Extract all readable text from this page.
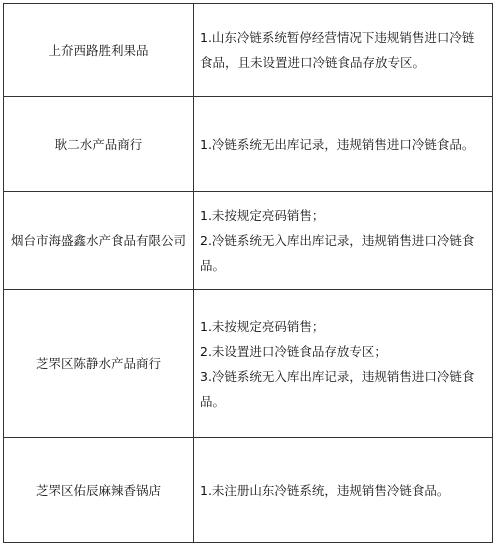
上夼西路胜利果品	1.山东冷链系统暂停经营情况下违规销售进口冷链食品，且未设置进口冷链食品存放专区。

耿二水产品商行	1.冷链系统无出库记录，违规销售进口冷链食品。

烟台市海盛鑫水产食品有限公司	1.未按规定亮码销售；
2.冷链系统无入库出库记录，违规销售进口冷链食品。

芝罘区陈静水产品商行	1.未按规定亮码销售；
2.未设置进口冷链食品存放专区；
3.冷链系统无入库出库记录，违规销售进口冷链食品。

芝罘区佑辰麻辣香锅店	1.未注册山东冷链系统，违规销售冷链食品。
